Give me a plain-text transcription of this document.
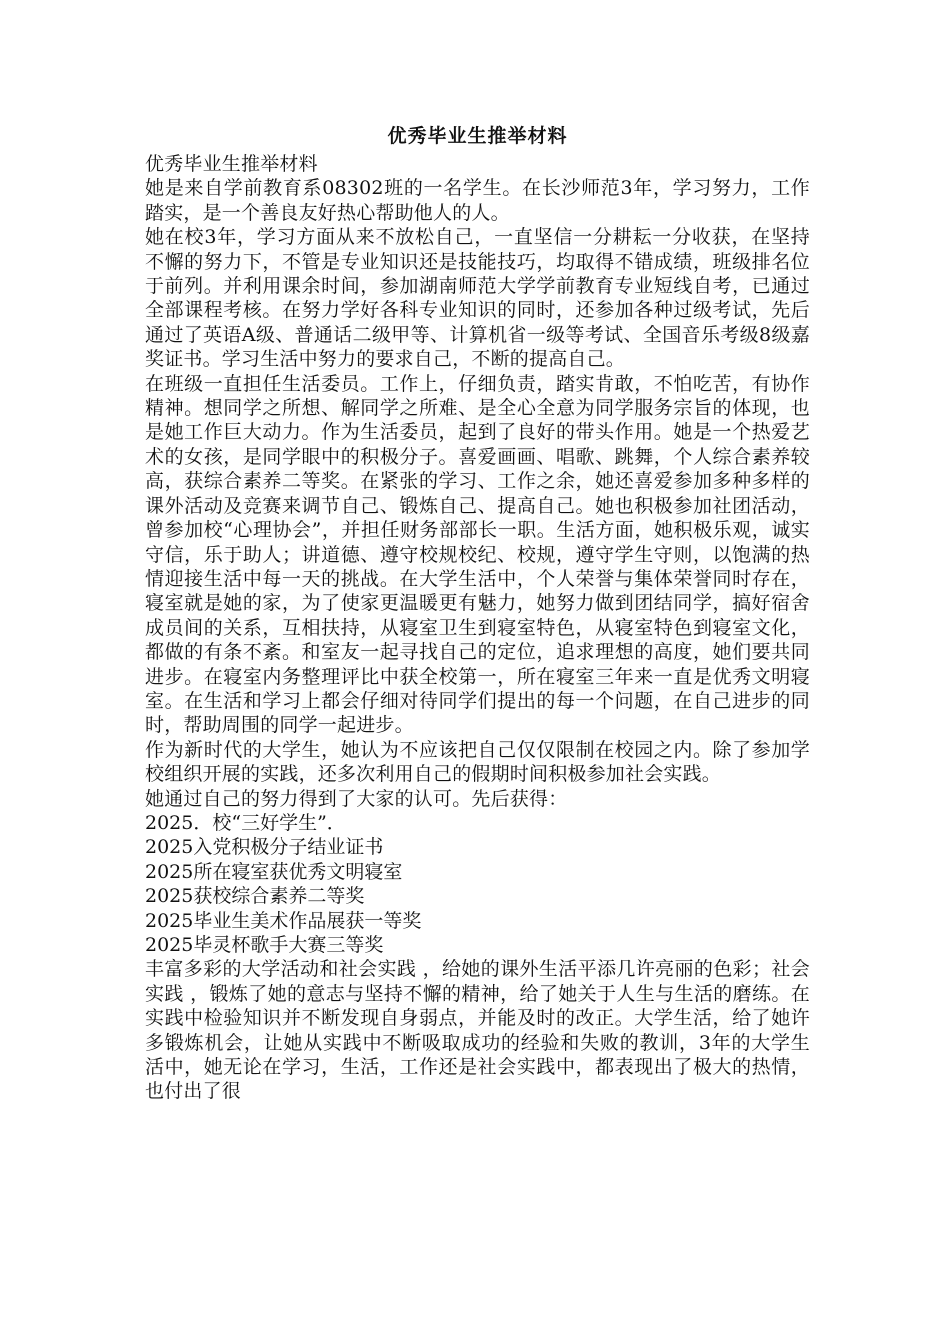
优秀毕业生推举材料

优秀毕业生推举材料

她是来自学前教育系08302班的一名学生。在长沙师范3年，学习努力，工作踏实，是一个善良友好热心帮助他人的人。

她在校3年，学习方面从来不放松自己，一直坚信一分耕耘一分收获，在坚持不懈的努力下，不管是专业知识还是技能技巧，均取得不错成绩，班级排名位于前列。并利用课余时间，参加湖南师范大学学前教育专业短线自考，已通过全部课程考核。在努力学好各科专业知识的同时，还参加各种过级考试，先后通过了英语A级、普通话二级甲等、计算机省一级等考试、全国音乐考级8级嘉奖证书。学习生活中努力的要求自己，不断的提高自己。

在班级一直担任生活委员。工作上，仔细负责，踏实肯敢，不怕吃苦，有协作精神。想同学之所想、解同学之所难、是全心全意为同学服务宗旨的体现，也是她工作巨大动力。作为生活委员，起到了良好的带头作用。她是一个热爱艺术的女孩，是同学眼中的积极分子。喜爱画画、唱歌、跳舞，个人综合素养较高，获综合素养二等奖。在紧张的学习、工作之余，她还喜爱参加多种多样的课外活动及竞赛来调节自己、锻炼自己、提高自己。她也积极参加社团活动，曾参加校“心理协会”，并担任财务部部长一职。生活方面，她积极乐观，诚实守信，乐于助人；讲道德、遵守校规校纪、校规，遵守学生守则，以饱满的热情迎接生活中每一天的挑战。在大学生活中，个人荣誉与集体荣誉同时存在，寝室就是她的家，为了使家更温暖更有魅力，她努力做到团结同学，搞好宿舍成员间的关系，互相扶持，从寝室卫生到寝室特色，从寝室特色到寝室文化，都做的有条不紊。和室友一起寻找自己的定位，追求理想的高度，她们要共同进步。在寝室内务整理评比中获全校第一，所在寝室三年来一直是优秀文明寝室。在生活和学习上都会仔细对待同学们提出的每一个问题，在自己进步的同时，帮助周围的同学一起进步。

作为新时代的大学生，她认为不应该把自己仅仅限制在校园之内。除了参加学校组织开展的实践，还多次利用自己的假期时间积极参加社会实践。

她通过自己的努力得到了大家的认可。先后获得：

2025．校“三好学生”．
2025入党积极分子结业证书
2025所在寝室获优秀文明寝室
2025获校综合素养二等奖
2025毕业生美术作品展获一等奖
2025毕灵杯歌手大赛三等奖

丰富多彩的大学活动和社会实践 ，给她的课外生活平添几许亮丽的色彩；社会实践 ，锻炼了她的意志与坚持不懈的精神，给了她关于人生与生活的磨练。在实践中检验知识并不断发现自身弱点，并能及时的改正。大学生活，给了她许多锻炼机会，让她从实践中不断吸取成功的经验和失败的教训，3年的大学生活中，她无论在学习，生活，工作还是社会实践中，都表现出了极大的热情，也付出了很
